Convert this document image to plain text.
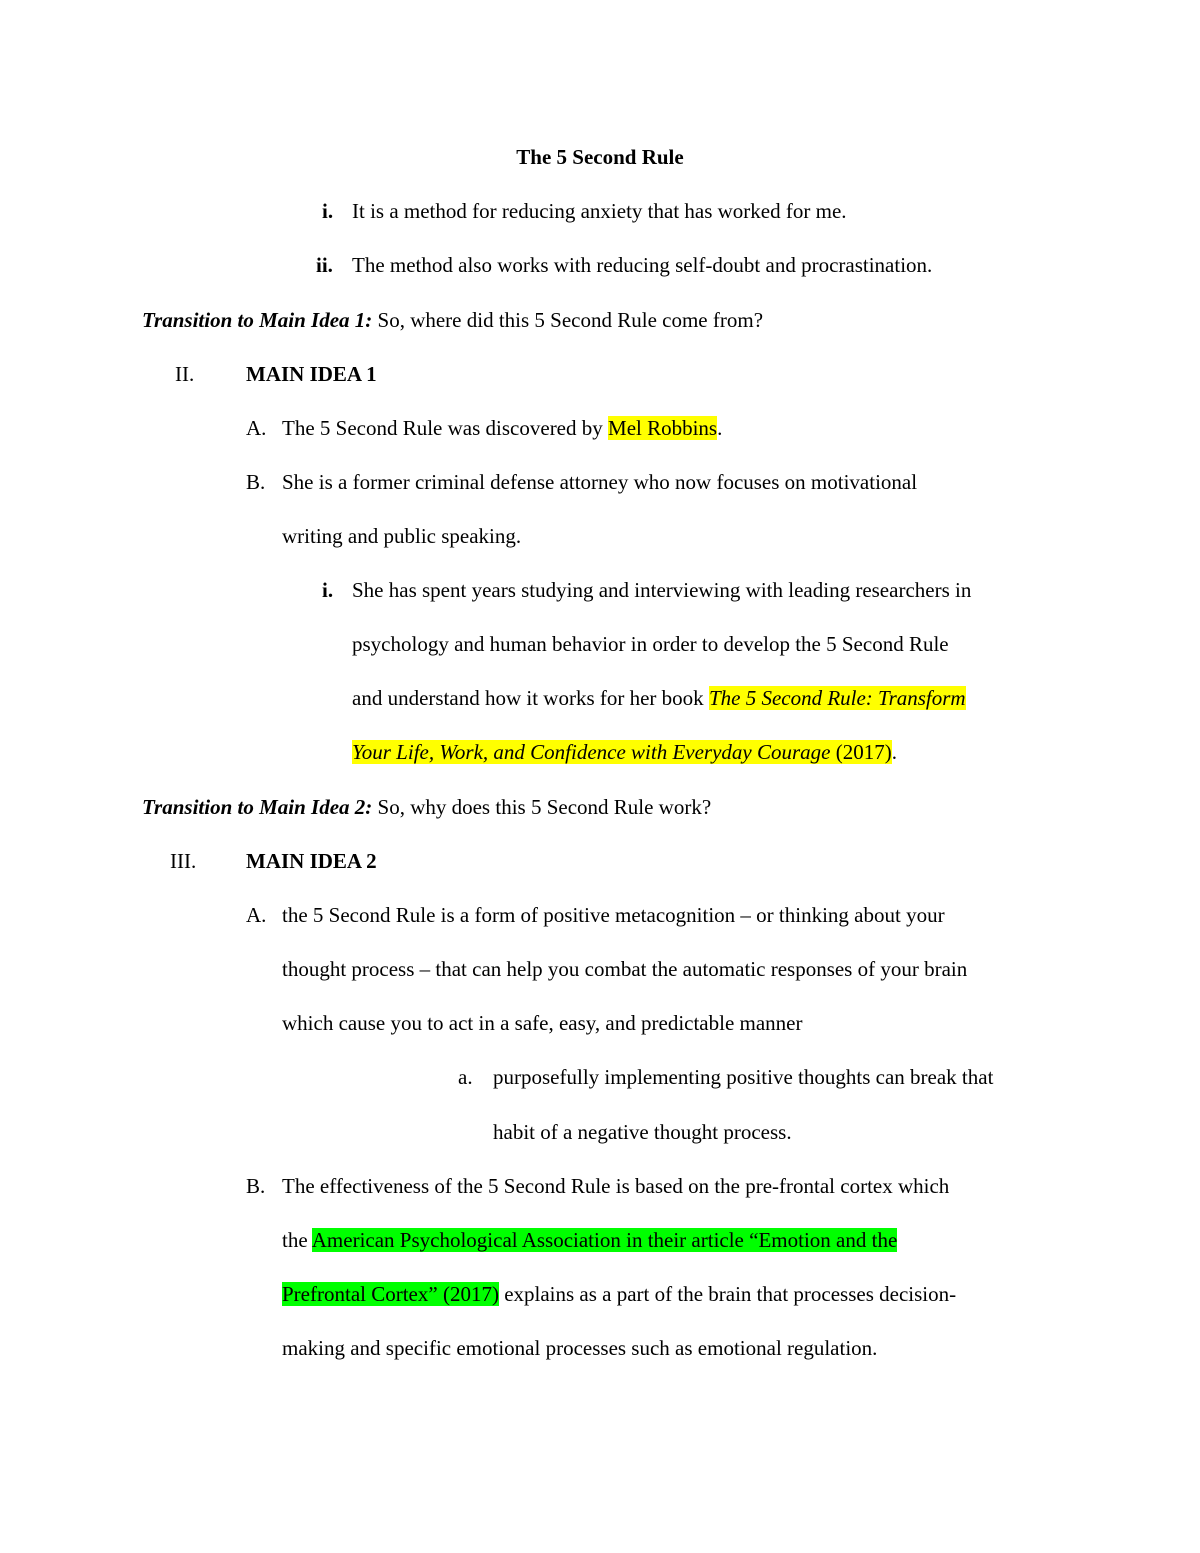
The 5 Second Rule
i. It is a method for reducing anxiety that has worked for me.
ii. The method also works with reducing self-doubt and procrastination.
Transition to Main Idea 1: So, where did this 5 Second Rule come from?
II. MAIN IDEA 1
A. The 5 Second Rule was discovered by Mel Robbins.
B. She is a former criminal defense attorney who now focuses on motivational
writing and public speaking.
i. She has spent years studying and interviewing with leading researchers in
psychology and human behavior in order to develop the 5 Second Rule
and understand how it works for her book The 5 Second Rule: Transform
Your Life, Work, and Confidence with Everyday Courage (2017).
Transition to Main Idea 2: So, why does this 5 Second Rule work?
III. MAIN IDEA 2
A. the 5 Second Rule is a form of positive metacognition – or thinking about your
thought process – that can help you combat the automatic responses of your brain
which cause you to act in a safe, easy, and predictable manner
a. purposefully implementing positive thoughts can break that
habit of a negative thought process.
B. The effectiveness of the 5 Second Rule is based on the pre-frontal cortex which
the American Psychological Association in their article “Emotion and the
Prefrontal Cortex” (2017) explains as a part of the brain that processes decision-
making and specific emotional processes such as emotional regulation.
